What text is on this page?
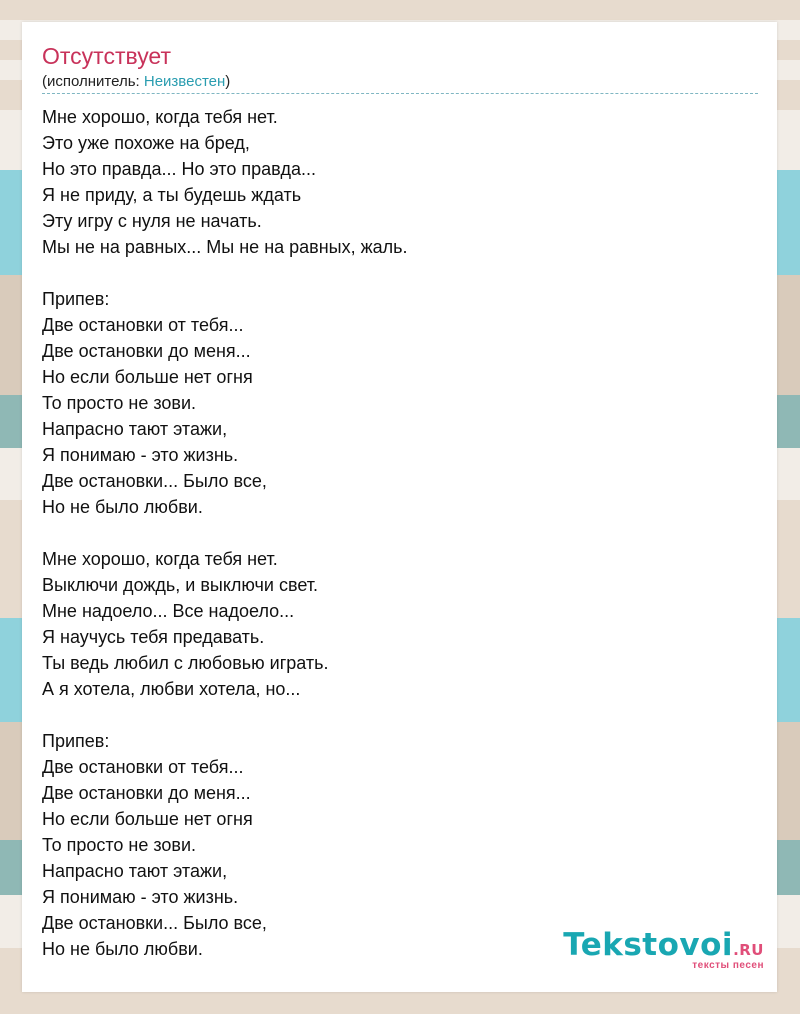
Отсутствует
(исполнитель: Неизвестен)
Мне хорошо, когда тебя нет.
Это уже похоже на бред,
Но это правда... Но это правда...
Я не приду, а ты будешь ждать
Эту игру с нуля не начать.
Мы не на равных... Мы не на равных, жаль.
Припев:
Две остановки от тебя...
Две остановки до меня...
Но если больше нет огня
То просто не зови.
Напрасно тают этажи,
Я понимаю - это жизнь.
Две остановки... Было все,
Но не было любви.
Мне хорошо, когда тебя нет.
Выключи дождь, и выключи свет.
Мне надоело... Все надоело...
Я научусь тебя предавать.
Ты ведь любил с любовью играть.
А я хотела, любви хотела, но...
Припев:
Две остановки от тебя...
Две остановки до меня...
Но если больше нет огня
То просто не зови.
Напрасно тают этажи,
Я понимаю - это жизнь.
Две остановки... Было все,
Но не было любви.	Tekstovoi.RU
тексты песен
